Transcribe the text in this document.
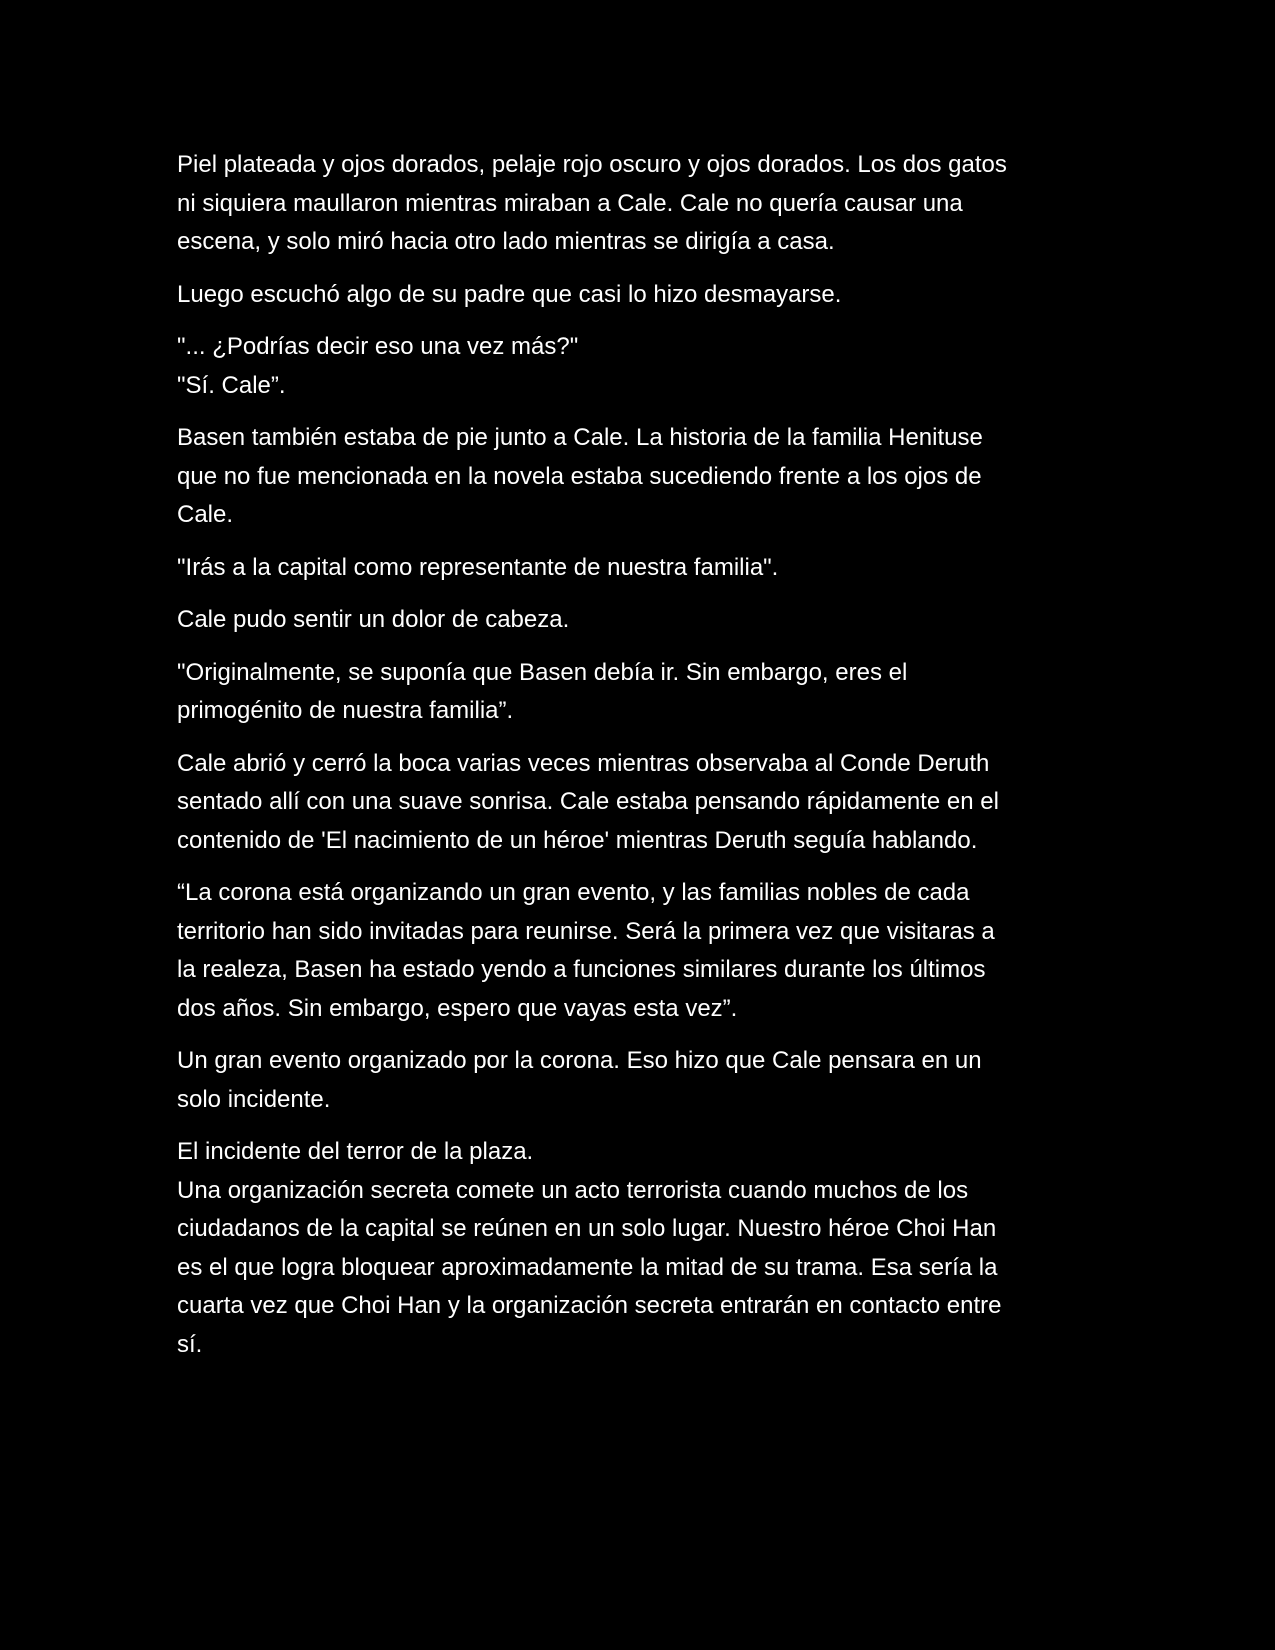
Piel plateada y ojos dorados, pelaje rojo oscuro y ojos dorados. Los dos gatos
ni siquiera maullaron mientras miraban a Cale. Cale no quería causar una
escena, y solo miró hacia otro lado mientras se dirigía a casa.

Luego escuchó algo de su padre que casi lo hizo desmayarse.

"... ¿Podrías decir eso una vez más?"
"Sí. Cale”.

Basen también estaba de pie junto a Cale. La historia de la familia Henituse
que no fue mencionada en la novela estaba sucediendo frente a los ojos de
Cale.

"Irás a la capital como representante de nuestra familia".

Cale pudo sentir un dolor de cabeza.

"Originalmente, se suponía que Basen debía ir. Sin embargo, eres el
primogénito de nuestra familia”.

Cale abrió y cerró la boca varias veces mientras observaba al Conde Deruth
sentado allí con una suave sonrisa. Cale estaba pensando rápidamente en el
contenido de 'El nacimiento de un héroe' mientras Deruth seguía hablando.

“La corona está organizando un gran evento, y las familias nobles de cada
territorio han sido invitadas para reunirse. Será la primera vez que visitaras a
la realeza, Basen ha estado yendo a funciones similares durante los últimos
dos años. Sin embargo, espero que vayas esta vez”.

Un gran evento organizado por la corona. Eso hizo que Cale pensara en un
solo incidente.

El incidente del terror de la plaza.
Una organización secreta comete un acto terrorista cuando muchos de los
ciudadanos de la capital se reúnen en un solo lugar. Nuestro héroe Choi Han
es el que logra bloquear aproximadamente la mitad de su trama. Esa sería la
cuarta vez que Choi Han y la organización secreta entrarán en contacto entre
sí.
